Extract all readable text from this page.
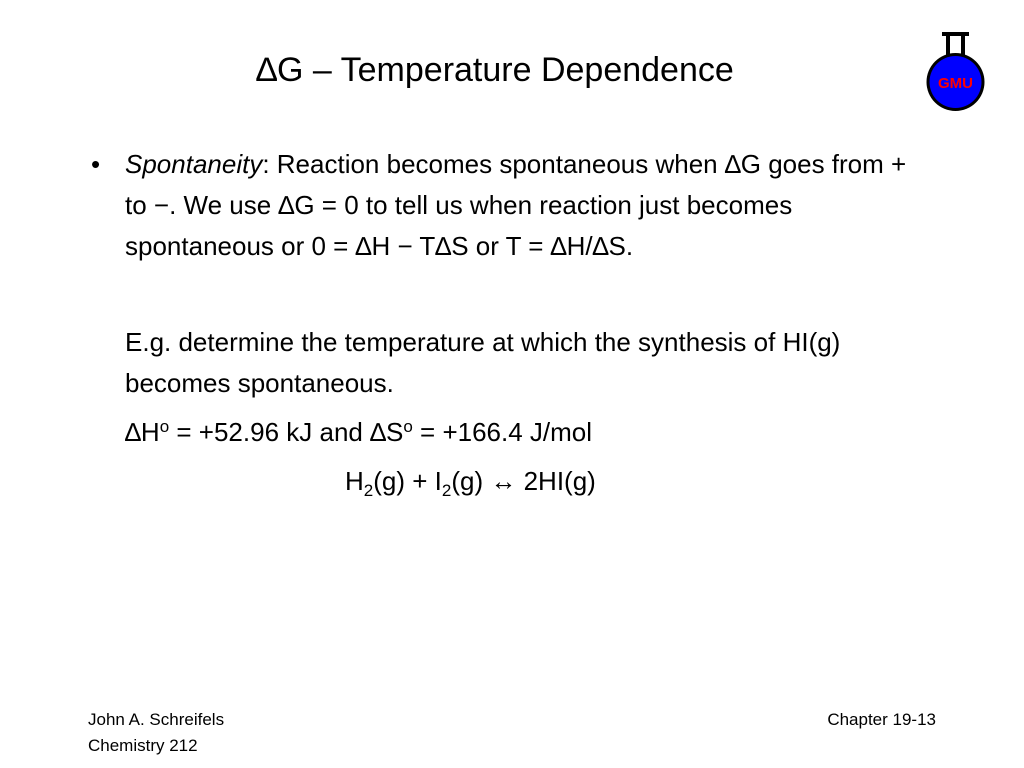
∆G – Temperature Dependence	GMU
• Spontaneity: Reaction becomes spontaneous when ∆G goes from + to −. We use ∆G = 0 to tell us when reaction just becomes spontaneous or 0 = ∆H − T∆S or T = ∆H/∆S.

E.g. determine the temperature at which the synthesis of HI(g) becomes spontaneous.

$\Delta H^o = +52.96$ kJ and $\Delta S^o = +166.4$ J/mol

$H_2(g) + I_2(g)$ ↔ 2HI(g)

John A. Schreifels
Chemistry 212
Chapter 19-13
